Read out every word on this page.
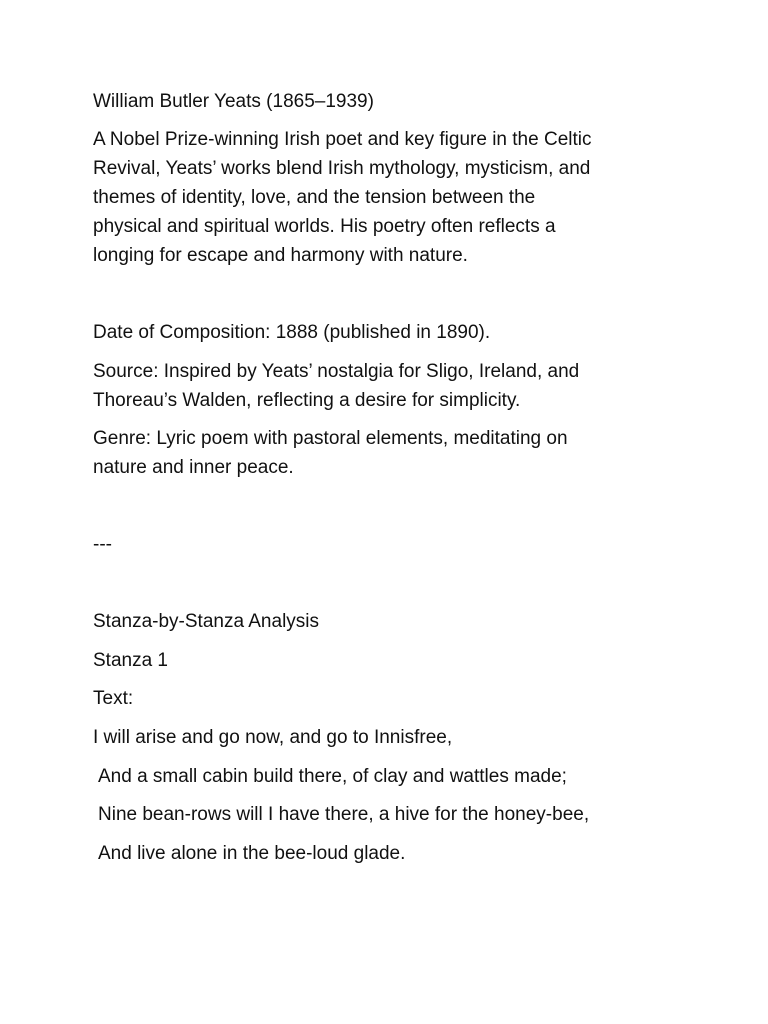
William Butler Yeats (1865–1939)

A Nobel Prize-winning Irish poet and key figure in the Celtic
Revival, Yeats’ works blend Irish mythology, mysticism, and
themes of identity, love, and the tension between the
physical and spiritual worlds. His poetry often reflects a
longing for escape and harmony with nature.

Date of Composition: 1888 (published in 1890).

Source: Inspired by Yeats’ nostalgia for Sligo, Ireland, and
Thoreau’s Walden, reflecting a desire for simplicity.
Genre: Lyric poem with pastoral elements, meditating on
nature and inner peace.

---

Stanza-by-Stanza Analysis

Stanza 1

Text:

I will arise and go now, and go to Innisfree,

And a small cabin build there, of clay and wattles made;

Nine bean-rows will I have there, a hive for the honey-bee,

And live alone in the bee-loud glade.
